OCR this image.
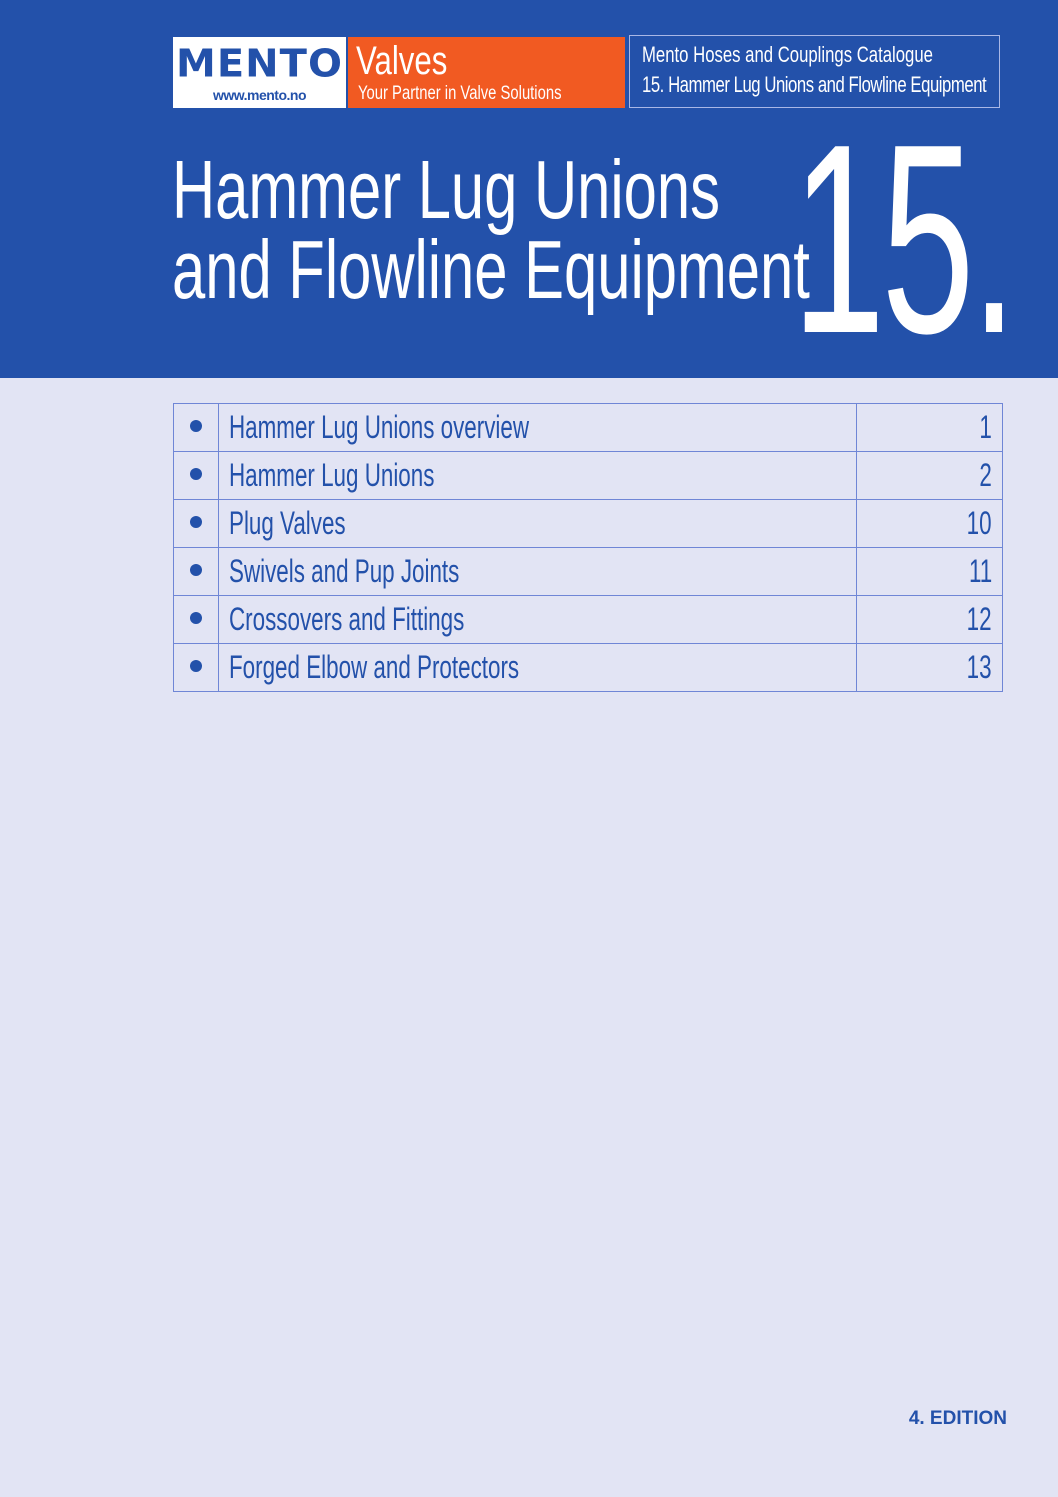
MENTO
www.mento.no
Valves
Your Partner in Valve Solutions
Mento Hoses and Couplings Catalogue
15. Hammer Lug Unions and Flowline Equipment
Hammer Lug Unions
and Flowline Equipment
15.
	Hammer Lug Unions overview	1
	Hammer Lug Unions	2
	Plug Valves	10
	Swivels and Pup Joints	11
	Crossovers and Fittings	12
	Forged Elbow and Protectors	13
4. EDITION
